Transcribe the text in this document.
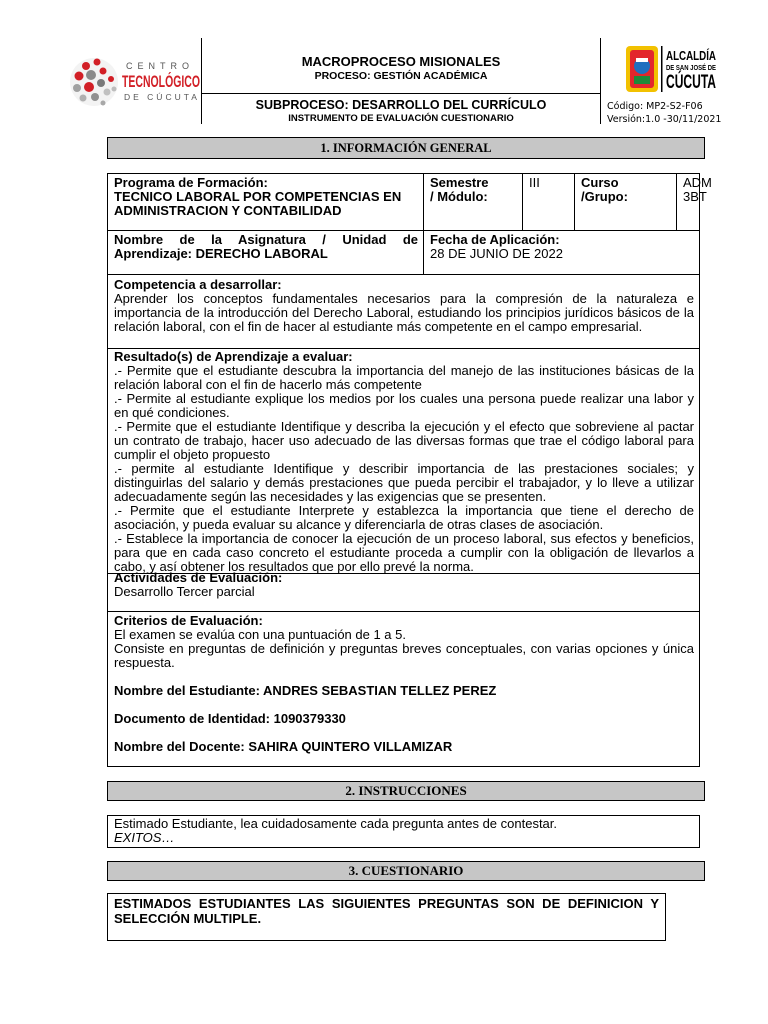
CENTRO
TECNOLÓGICO
DE CÚCUTA
MACROPROCESO MISIONALES
PROCESO: GESTIÓN ACADÉMICA
SUBPROCESO: DESARROLLO DEL CURRÍCULO
INSTRUMENTO DE EVALUACIÓN CUESTIONARIO
ALCALDÍA
DE SAN JOSÉ DE
CÚCUTA
Código: MP2-S2-F06
Versión:1.0 -30/11/2021
1. INFORMACIÓN GENERAL
Programa de Formación:
TECNICO LABORAL POR COMPETENCIAS EN
ADMINISTRACION Y CONTABILIDAD
Semestre
/ Módulo:
III	Curso
/Grupo:
ADM
3BT
Nombre de la Asignatura / Unidad de
Aprendizaje: DERECHO LABORAL
Fecha de Aplicación:
28 DE JUNIO DE 2022
Competencia a desarrollar:
Aprender los conceptos fundamentales necesarios para la compresión de la naturaleza e importancia de la introducción del Derecho Laboral, estudiando los principios jurídicos básicos de la relación laboral, con el fin de hacer al estudiante más competente en el campo empresarial.
Resultado(s) de Aprendizaje a evaluar:
.- Permite que el estudiante descubra la importancia del manejo de las instituciones básicas de la relación laboral con el fin de hacerlo más competente
.- Permite al estudiante explique los medios por los cuales una persona puede realizar una labor y en qué condiciones.
.- Permite que el estudiante Identifique y describa la ejecución y el efecto que sobreviene al pactar un contrato de trabajo, hacer uso adecuado de las diversas formas que trae el código laboral para cumplir el objeto propuesto
.- permite al estudiante Identifique y describir importancia de las prestaciones sociales; y distinguirlas del salario y demás prestaciones que pueda percibir el trabajador, y lo lleve a utilizar adecuadamente según las necesidades y las exigencias que se presenten.
.- Permite que el estudiante Interprete y establezca la importancia que tiene el derecho de asociación, y pueda evaluar su alcance y diferenciarla de otras clases de asociación.
.- Establece la importancia de conocer la ejecución de un proceso laboral, sus efectos y beneficios, para que en cada caso concreto el estudiante proceda a cumplir con la obligación de llevarlos a cabo, y así obtener los resultados que por ello prevé la norma.
Actividades de Evaluación:
Desarrollo Tercer parcial
Criterios de Evaluación:
El examen se evalúa con una puntuación de 1 a 5.
Consiste en preguntas de definición y preguntas breves conceptuales, con varias opciones y única respuesta.
Nombre del Estudiante: ANDRES SEBASTIAN TELLEZ PEREZ
Documento de Identidad: 1090379330
Nombre del Docente: SAHIRA QUINTERO VILLAMIZAR
2. INSTRUCCIONES
Estimado Estudiante, lea cuidadosamente cada pregunta antes de contestar.
EXITOS…
3. CUESTIONARIO
ESTIMADOS ESTUDIANTES LAS SIGUIENTES PREGUNTAS SON DE DEFINICION Y SELECCIÓN MULTIPLE.
